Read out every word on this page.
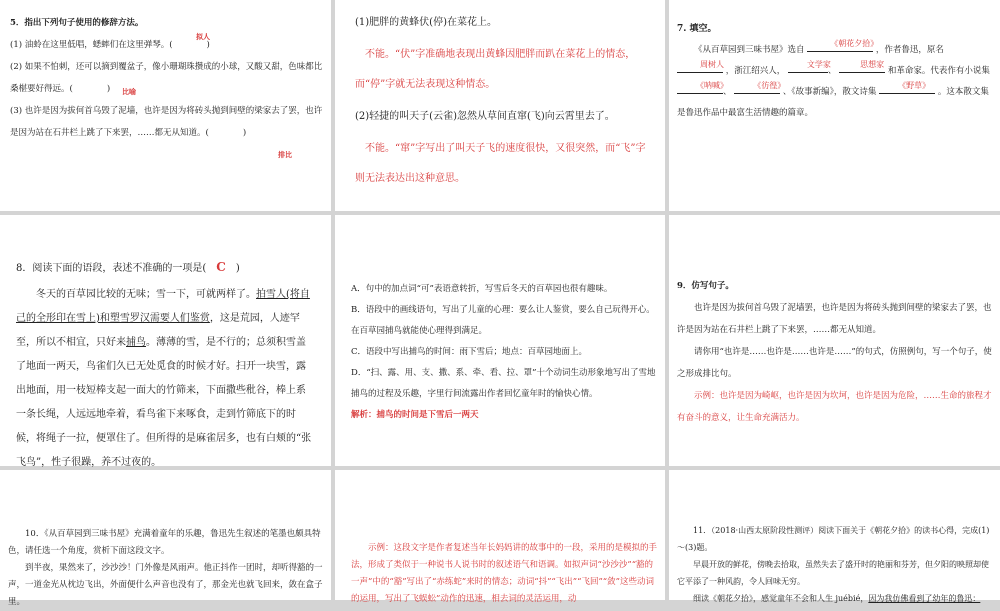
5．指出下列句子使用的修辞方法。

(1) 油蛉在这里低唱，蟋蟀们在这里弹琴。(　　　　)
拟人
(2) 如果不怕刺，还可以摘到覆盆子，像小珊瑚珠攒成的小球，又酸又甜，色味都比桑椹要好得远。(　　　　) 比喻
(3) 也许是因为拔何首乌毁了泥墙，也许是因为将砖头抛到间壁的梁家去了罢，也许是因为站在石井栏上跳了下来罢，……都无从知道。(　　　　)
排比

(1)肥胖的黄蜂伏(停)在菜花上。

不能。“伏”字准确地表现出黄蜂因肥胖而趴在菜花上的情态，而“停”字就无法表现这种情态。

(2)轻捷的叫天子(云雀)忽然从草间直窜(飞)向云霄里去了。

不能。“窜”字写出了叫天子飞的速度很快，又很突然，而“飞”字则无法表达出这种意思。

7. 填空。

《从百草园到三味书屋》选自
《朝花夕拾》
，作者鲁迅，原名
周树人
，浙江绍兴人，
文学家
、
思想家
和革命家。代表作有小说集
《呐喊》
、
《彷徨》
、《故事新编》，散文诗集
《野草》
。这本散文集是鲁迅作品中最富生活情趣的篇章。

8．阅读下面的语段，表述不准确的一项是(　C　)

冬天的百草园比较的无味；雪一下，可就两样了。拍雪人(将自己的全形印在雪上)和塑雪罗汉需要人们鉴赏，这是荒园，人迹罕至，所以不相宜，只好来捕鸟。薄薄的雪，是不行的；总须积雪盖了地面一两天，鸟雀们久已无处觅食的时候才好。扫开一块雪，露出地面，用一枝短棒支起一面大的竹筛来，下面撒些秕谷，棒上系一条长绳，人远远地牵着，看鸟雀下来啄食，走到竹筛底下的时候，将绳子一拉，便罩住了。但所得的是麻雀居多，也有白颊的“张飞鸟”，性子很躁，养不过夜的。

A．句中的加点词“可”表语意转折，写雪后冬天的百草园也很有趣味。

B．语段中的画线语句，写出了儿童的心理：要么让人鉴赏，要么自己玩得开心。在百草园捕鸟就能使心理得到满足。

C．语段中写出捕鸟的时间：雨下雪后；地点：百草园地面上。

D．“扫、露、用、支、撒、系、牵、看、拉、罩”十个动词生动形象地写出了雪地捕鸟的过程及乐趣，字里行间流露出作者回忆童年时的愉快心情。

解析：捕鸟的时间是下雪后一两天

9．仿写句子。

也许是因为拔何首乌毁了泥墙罢，也许是因为将砖头抛到间壁的梁家去了罢，也许是因为站在石井栏上跳了下来罢，……都无从知道。

请你用“也许是……也许是……也许是……”的句式，仿照例句，写一个句子，使之形成排比句。

示例：也许是因为崎岖，也许是因为坎坷，也许是因为危险，……生命的旅程才有奋斗的意义，让生命充满活力。

10．《从百草园到三味书屋》充满着童年的乐趣，鲁迅先生叙述的笔墨也颇具特色，请任选一个角度，赏析下面这段文字。

到半夜，果然来了，沙沙沙！门外像是风雨声。他正抖作一团时，却听得豁的一声，一道金光从枕边飞出，外面便什么声音也没有了，那金光也就飞回来，敛在盒子里。

示例：这段文字是作者复述当年长妈妈讲的故事中的一段，采用的是模拟的手法，形成了类似于一种说书人说书时的叙述语气和语调。如拟声词“沙沙沙”“豁的一声”中的“豁”写出了“赤练蛇”来时的情态；动词“抖”“飞出”“飞回”“敛”这些动词的运用，写出了飞蜈蚣”动作的迅速，相去词的灵活运用，动

11．（2018·山西太原阶段性测评）阅读下面关于《朝花夕拾》的读书心得，完成(1)～(3)题。

早晨开放的鲜花，傍晚去拾取，虽然失去了盛开时的艳丽和芬芳，但夕阳的映照却使它平添了一种风韵，令人回味无穷。

细读《朝花夕拾》，感觉童年不会和人生 juébié，因为我仿佛看到了幼年的鲁迅：
